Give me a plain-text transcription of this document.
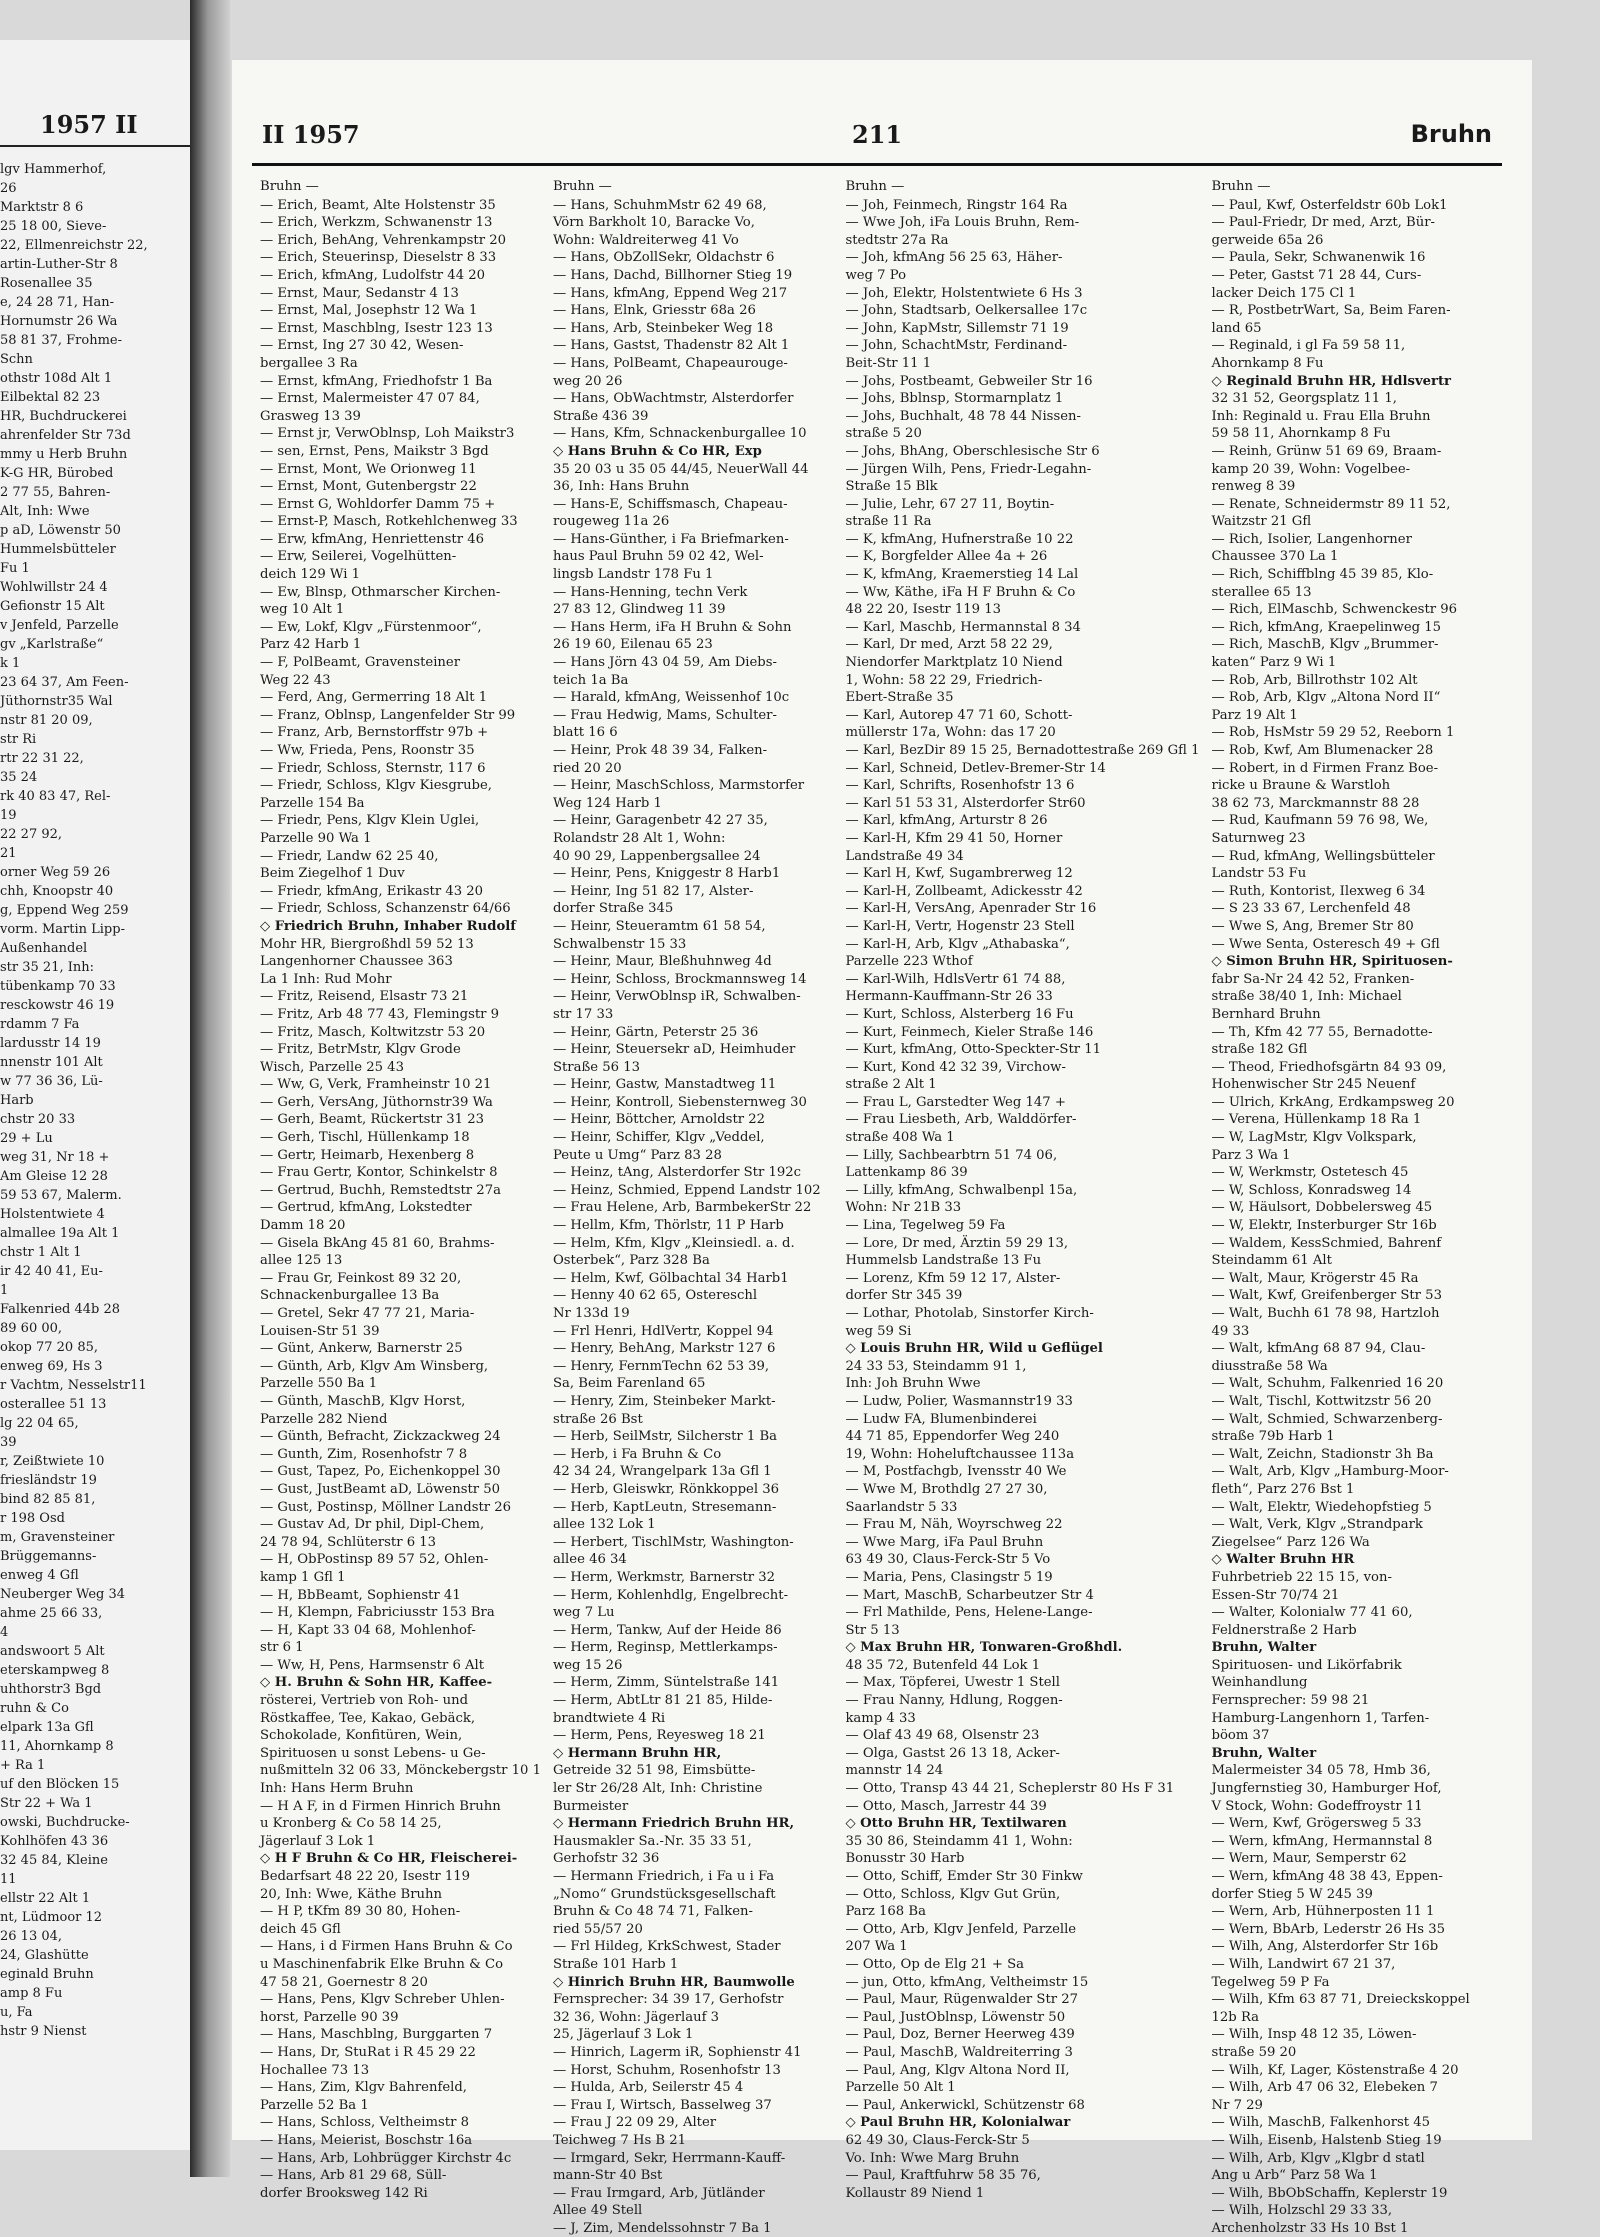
1957 II
lgv Hammerhof,
26
Marktstr 8 6
25 18 00, Sieve-
22, Ellmenreichstr 22,
artin-Luther-Str 8
Rosenallee 35
e, 24 28 71, Han-
Hornumstr 26 Wa
58 81 37, Frohme-
Schn
othstr 108d Alt 1
Eilbektal 82 23
HR, Buchdruckerei
ahrenfelder Str 73d
mmy u Herb Bruhn
K-G HR, Bürobed
2 77 55, Bahren-
Alt, Inh: Wwe
p aD, Löwenstr 50
Hummelsbütteler
Fu 1
Wohlwillstr 24 4
Gefionstr 15 Alt
v Jenfeld, Parzelle
gv „Karlstraße“
k 1
23 64 37, Am Feen-
Jüthornstr35 Wal
nstr 81 20 09,
str Ri
rtr 22 31 22,
35 24
rk 40 83 47, Rel-
19
22 27 92,
21
orner Weg 59 26
chh, Knoopstr 40
g, Eppend Weg 259
vorm. Martin Lipp-
Außenhandel
str 35 21, Inh:
tübenkamp 70 33
resckowstr 46 19
rdamm 7 Fa
lardusstr 14 19
nnenstr 101 Alt
w 77 36 36, Lü-
Harb
chstr 20 33
29 + Lu
weg 31, Nr 18 +
Am Gleise 12 28
59 53 67, Malerm.
Holstentwiete 4
almallee 19a Alt 1
chstr 1 Alt 1
ir 42 40 41, Eu-
1
Falkenried 44b 28
89 60 00,
okop 77 20 85,
enweg 69, Hs 3
r Vachtm, Nesselstr11
osterallee 51 13
lg 22 04 65,
39
r, Zeißtwiete 10
friesländstr 19
bind 82 85 81,
r 198 Osd
m, Gravensteiner
Brüggemanns-
enweg 4 Gfl
Neuberger Weg 34
ahme 25 66 33,
4
andswoort 5 Alt
eterskampweg 8
uhthorstr3 Bgd
ruhn & Co
elpark 13a Gfl
11, Ahornkamp 8
+ Ra 1
uf den Blöcken 15
Str 22 + Wa 1
owski, Buchdrucke-
Kohlhöfen 43 36
32 45 84, Kleine
11
ellstr 22 Alt 1
nt, Lüdmoor 12
26 13 04,
24, Glashütte
eginald Bruhn
amp 8 Fu
u, Fa
hstr 9 Nienst
II 1957	211	Bruhn
Bruhn —
— Erich, Beamt, Alte Holstenstr 35
— Erich, Werkzm, Schwanenstr 13
— Erich, BehAng, Vehrenkampstr 20
— Erich, Steuerinsp, Dieselstr 8 33
— Erich, kfmAng, Ludolfstr 44 20
— Ernst, Maur, Sedanstr 4 13
— Ernst, Mal, Josephstr 12 Wa 1
— Ernst, Maschblng, Isestr 123 13
— Ernst, Ing 27 30 42, Wesen-
bergallee 3 Ra
— Ernst, kfmAng, Friedhofstr 1 Ba
— Ernst, Malermeister 47 07 84,
Grasweg 13 39
— Ernst jr, VerwOblnsp, Loh Maikstr3
— sen, Ernst, Pens, Maikstr 3 Bgd
— Ernst, Mont, We Orionweg 11
— Ernst, Mont, Gutenbergstr 22
— Ernst G, Wohldorfer Damm 75 +
— Ernst-P, Masch, Rotkehlchenweg 33
— Erw, kfmAng, Henriettenstr 46
— Erw, Seilerei, Vogelhütten-
deich 129 Wi 1
— Ew, Blnsp, Othmarscher Kirchen-
weg 10 Alt 1
— Ew, Lokf, Klgv „Fürstenmoor“,
Parz 42 Harb 1
— F, PolBeamt, Gravensteiner
Weg 22 43
— Ferd, Ang, Germerring 18 Alt 1
— Franz, Oblnsp, Langenfelder Str 99
— Franz, Arb, Bernstorffstr 97b +
— Ww, Frieda, Pens, Roonstr 35
— Friedr, Schloss, Sternstr, 117 6
— Friedr, Schloss, Klgv Kiesgrube,
Parzelle 154 Ba
— Friedr, Pens, Klgv Klein Uglei,
Parzelle 90 Wa 1
— Friedr, Landw 62 25 40,
Beim Ziegelhof 1 Duv
— Friedr, kfmAng, Erikastr 43 20
— Friedr, Schloss, Schanzenstr 64/66
◇ Friedrich Bruhn, Inhaber Rudolf
Mohr HR, Biergroßhdl 59 52 13
Langenhorner Chaussee 363
La 1 Inh: Rud Mohr
— Fritz, Reisend, Elsastr 73 21
— Fritz, Arb 48 77 43, Flemingstr 9
— Fritz, Masch, Koltwitzstr 53 20
— Fritz, BetrMstr, Klgv Grode
Wisch, Parzelle 25 43
— Ww, G, Verk, Framheinstr 10 21
— Gerh, VersAng, Jüthornstr39 Wa
— Gerh, Beamt, Rückertstr 31 23
— Gerh, Tischl, Hüllenkamp 18
— Gertr, Heimarb, Hexenberg 8
— Frau Gertr, Kontor, Schinkelstr 8
— Gertrud, Buchh, Remstedtstr 27a
— Gertrud, kfmAng, Lokstedter
Damm 18 20
— Gisela BkAng 45 81 60, Brahms-
allee 125 13
— Frau Gr, Feinkost 89 32 20,
Schnackenburgallee 13 Ba
— Gretel, Sekr 47 77 21, Maria-
Louisen-Str 51 39
— Günt, Ankerw, Barnerstr 25
— Günth, Arb, Klgv Am Winsberg,
Parzelle 550 Ba 1
— Günth, MaschB, Klgv Horst,
Parzelle 282 Niend
— Günth, Befracht, Zickzackweg 24
— Gunth, Zim, Rosenhofstr 7 8
— Gust, Tapez, Po, Eichenkoppel 30
— Gust, JustBeamt aD, Löwenstr 50
— Gust, Postinsp, Möllner Landstr 26
— Gustav Ad, Dr phil, Dipl-Chem,
24 78 94, Schlüterstr 6 13
— H, ObPostinsp 89 57 52, Ohlen-
kamp 1 Gfl 1
— H, BbBeamt, Sophienstr 41
— H, Klempn, Fabriciusstr 153 Bra
— H, Kapt 33 04 68, Mohlenhof-
str 6 1
— Ww, H, Pens, Harmsenstr 6 Alt
◇ H. Bruhn & Sohn HR, Kaffee-
rösterei, Vertrieb von Roh- und
Röstkaffee, Tee, Kakao, Gebäck,
Schokolade, Konfitüren, Wein,
Spirituosen u sonst Lebens- u Ge-
nußmitteln 32 06 33, Mönckebergstr 10 1
Inh: Hans Herm Bruhn
— H A F, in d Firmen Hinrich Bruhn
u Kronberg & Co 58 14 25,
Jägerlauf 3 Lok 1
◇ H F Bruhn & Co HR, Fleischerei-
Bedarfsart 48 22 20, Isestr 119
20, Inh: Wwe, Käthe Bruhn
— H P, tKfm 89 30 80, Hohen-
deich 45 Gfl
— Hans, i d Firmen Hans Bruhn & Co
u Maschinenfabrik Elke Bruhn & Co
47 58 21, Goernestr 8 20
— Hans, Pens, Klgv Schreber Uhlen-
horst, Parzelle 90 39
— Hans, Maschblng, Burggarten 7
— Hans, Dr, StuRat i R 45 29 22
Hochallee 73 13
— Hans, Zim, Klgv Bahrenfeld,
Parzelle 52 Ba 1
— Hans, Schloss, Veltheimstr 8
— Hans, Meierist, Boschstr 16a
— Hans, Arb, Lohbrügger Kirchstr 4c
— Hans, Arb 81 29 68, Süll-
dorfer Brooksweg 142 Ri
Bruhn —
— Hans, SchuhmMstr 62 49 68,
Vörn Barkholt 10, Baracke Vo,
Wohn: Waldreiterweg 41 Vo
— Hans, ObZollSekr, Oldachstr 6
— Hans, Dachd, Billhorner Stieg 19
— Hans, kfmAng, Eppend Weg 217
— Hans, Elnk, Griesstr 68a 26
— Hans, Arb, Steinbeker Weg 18
— Hans, Gastst, Thadenstr 82 Alt 1
— Hans, PolBeamt, Chapeaurouge-
weg 20 26
— Hans, ObWachtmstr, Alsterdorfer
Straße 436 39
— Hans, Kfm, Schnackenburgallee 10
◇ Hans Bruhn & Co HR, Exp
35 20 03 u 35 05 44/45, NeuerWall 44
36, Inh: Hans Bruhn
— Hans-E, Schiffsmasch, Chapeau-
rougeweg 11a 26
— Hans-Günther, i Fa Briefmarken-
haus Paul Bruhn 59 02 42, Wel-
lingsb Landstr 178 Fu 1
— Hans-Henning, techn Verk
27 83 12, Glindweg 11 39
— Hans Herm, iFa H Bruhn & Sohn
26 19 60, Eilenau 65 23
— Hans Jörn 43 04 59, Am Diebs-
teich 1a Ba
— Harald, kfmAng, Weissenhof 10c
— Frau Hedwig, Mams, Schulter-
blatt 16 6
— Heinr, Prok 48 39 34, Falken-
ried 20 20
— Heinr, MaschSchloss, Marmstorfer
Weg 124 Harb 1
— Heinr, Garagenbetr 42 27 35,
Rolandstr 28 Alt 1, Wohn:
40 90 29, Lappenbergsallee 24
— Heinr, Pens, Kniggestr 8 Harb1
— Heinr, Ing 51 82 17, Alster-
dorfer Straße 345
— Heinr, Steueramtm 61 58 54,
Schwalbenstr 15 33
— Heinr, Maur, Bleßhuhnweg 4d
— Heinr, Schloss, Brockmannsweg 14
— Heinr, VerwOblnsp iR, Schwalben-
str 17 33
— Heinr, Gärtn, Peterstr 25 36
— Heinr, Steuersekr aD, Heimhuder
Straße 56 13
— Heinr, Gastw, Manstadtweg 11
— Heinr, Kontroll, Siebensternweg 30
— Heinr, Böttcher, Arnoldstr 22
— Heinr, Schiffer, Klgv „Veddel,
Peute u Umg“ Parz 83 28
— Heinz, tAng, Alsterdorfer Str 192c
— Heinz, Schmied, Eppend Landstr 102
— Frau Helene, Arb, BarmbekerStr 22
— Hellm, Kfm, Thörlstr, 11 P Harb
— Helm, Kfm, Klgv „Kleinsiedl. a. d.
Osterbek“, Parz 328 Ba
— Helm, Kwf, Gölbachtal 34 Harb1
— Henny 40 62 65, Ostereschl
Nr 133d 19
— Frl Henri, HdlVertr, Koppel 94
— Henry, BehAng, Markstr 127 6
— Henry, FernmTechn 62 53 39,
Sa, Beim Farenland 65
— Henry, Zim, Steinbeker Markt-
straße 26 Bst
— Herb, SeilMstr, Silcherstr 1 Ba
— Herb, i Fa Bruhn & Co
42 34 24, Wrangelpark 13a Gfl 1
— Herb, Gleiswkr, Rönkkoppel 36
— Herb, KaptLeutn, Stresemann-
allee 132 Lok 1
— Herbert, TischlMstr, Washington-
allee 46 34
— Herm, Werkmstr, Barnerstr 32
— Herm, Kohlenhdlg, Engelbrecht-
weg 7 Lu
— Herm, Tankw, Auf der Heide 86
— Herm, Reginsp, Mettlerkamps-
weg 15 26
— Herm, Zimm, Süntelstraße 141
— Herm, AbtLtr 81 21 85, Hilde-
brandtwiete 4 Ri
— Herm, Pens, Reyesweg 18 21
◇ Hermann Bruhn HR,
Getreide 32 51 98, Eimsbütte-
ler Str 26/28 Alt, Inh: Christine
Burmeister
◇ Hermann Friedrich Bruhn HR,
Hausmakler Sa.-Nr. 35 33 51,
Gerhofstr 32 36
— Hermann Friedrich, i Fa u i Fa
„Nomo“ Grundstücksgesellschaft
Bruhn & Co 48 74 71, Falken-
ried 55/57 20
— Frl Hildeg, KrkSchwest, Stader
Straße 101 Harb 1
◇ Hinrich Bruhn HR, Baumwolle
Fernsprecher: 34 39 17, Gerhofstr
32 36, Wohn: Jägerlauf 3
25, Jägerlauf 3 Lok 1
— Hinrich, Lagerm iR, Sophienstr 41
— Horst, Schuhm, Rosenhofstr 13
— Hulda, Arb, Seilerstr 45 4
— Frau I, Wirtsch, Basselweg 37
— Frau J 22 09 29, Alter
Teichweg 7 Hs B 21
— Irmgard, Sekr, Herrmann-Kauff-
mann-Str 40 Bst
— Frau Irmgard, Arb, Jütländer
Allee 49 Stell
— J, Zim, Mendelssohnstr 7 Ba 1
Bruhn —
— Joh, Feinmech, Ringstr 164 Ra
— Wwe Joh, iFa Louis Bruhn, Rem-
stedtstr 27a Ra
— Joh, kfmAng 56 25 63, Häher-
weg 7 Po
— Joh, Elektr, Holstentwiete 6 Hs 3
— John, Stadtsarb, Oelkersallee 17c
— John, KapMstr, Sillemstr 71 19
— John, SchachtMstr, Ferdinand-
Beit-Str 11 1
— Johs, Postbeamt, Gebweiler Str 16
— Johs, Bblnsp, Stormarnplatz 1
— Johs, Buchhalt, 48 78 44 Nissen-
straße 5 20
— Johs, BhAng, Oberschlesische Str 6
— Jürgen Wilh, Pens, Friedr-Legahn-
Straße 15 Blk
— Julie, Lehr, 67 27 11, Boytin-
straße 11 Ra
— K, kfmAng, Hufnerstraße 10 22
— K, Borgfelder Allee 4a + 26
— K, kfmAng, Kraemerstieg 14 Lal
— Ww, Käthe, iFa H F Bruhn & Co
48 22 20, Isestr 119 13
— Karl, Maschb, Hermannstal 8 34
— Karl, Dr med, Arzt 58 22 29,
Niendorfer Marktplatz 10 Niend
1, Wohn: 58 22 29, Friedrich-
Ebert-Straße 35
— Karl, Autorep 47 71 60, Schott-
müllerstr 17a, Wohn: das 17 20
— Karl, BezDir 89 15 25, Bernadottestraße 269 Gfl 1
— Karl, Schneid, Detlev-Bremer-Str 14
— Karl, Schrifts, Rosenhofstr 13 6
— Karl 51 53 31, Alsterdorfer Str60
— Karl, kfmAng, Arturstr 8 26
— Karl-H, Kfm 29 41 50, Horner
Landstraße 49 34
— Karl H, Kwf, Sugambrerweg 12
— Karl-H, Zollbeamt, Adickesstr 42
— Karl-H, VersAng, Apenrader Str 16
— Karl-H, Vertr, Hogenstr 23 Stell
— Karl-H, Arb, Klgv „Athabaska“,
Parzelle 223 Wthof
— Karl-Wilh, HdlsVertr 61 74 88,
Hermann-Kauffmann-Str 26 33
— Kurt, Schloss, Alsterberg 16 Fu
— Kurt, Feinmech, Kieler Straße 146
— Kurt, kfmAng, Otto-Speckter-Str 11
— Kurt, Kond 42 32 39, Virchow-
straße 2 Alt 1
— Frau L, Garstedter Weg 147 +
— Frau Liesbeth, Arb, Walddörfer-
straße 408 Wa 1
— Lilly, Sachbearbtrn 51 74 06,
Lattenkamp 86 39
— Lilly, kfmAng, Schwalbenpl 15a,
Wohn: Nr 21B 33
— Lina, Tegelweg 59 Fa
— Lore, Dr med, Ärztin 59 29 13,
Hummelsb Landstraße 13 Fu
— Lorenz, Kfm 59 12 17, Alster-
dorfer Str 345 39
— Lothar, Photolab, Sinstorfer Kirch-
weg 59 Si
◇ Louis Bruhn HR, Wild u Geflügel
24 33 53, Steindamm 91 1,
Inh: Joh Bruhn Wwe
— Ludw, Polier, Wasmannstr19 33
— Ludw FA, Blumenbinderei
44 71 85, Eppendorfer Weg 240
19, Wohn: Hoheluftchaussee 113a
— M, Postfachgb, Ivensstr 40 We
— Wwe M, Brothdlg 27 27 30,
Saarlandstr 5 33
— Frau M, Näh, Woyrschweg 22
— Wwe Marg, iFa Paul Bruhn
63 49 30, Claus-Ferck-Str 5 Vo
— Maria, Pens, Clasingstr 5 19
— Mart, MaschB, Scharbeutzer Str 4
— Frl Mathilde, Pens, Helene-Lange-
Str 5 13
◇ Max Bruhn HR, Tonwaren-Großhdl.
48 35 72, Butenfeld 44 Lok 1
— Max, Töpferei, Uwestr 1 Stell
— Frau Nanny, Hdlung, Roggen-
kamp 4 33
— Olaf 43 49 68, Olsenstr 23
— Olga, Gastst 26 13 18, Acker-
mannstr 14 24
— Otto, Transp 43 44 21, Scheplerstr 80 Hs F 31
— Otto, Masch, Jarrestr 44 39
◇ Otto Bruhn HR, Textilwaren
35 30 86, Steindamm 41 1, Wohn:
Bonusstr 30 Harb
— Otto, Schiff, Emder Str 30 Finkw
— Otto, Schloss, Klgv Gut Grün,
Parz 168 Ba
— Otto, Arb, Klgv Jenfeld, Parzelle
207 Wa 1
— Otto, Op de Elg 21 + Sa
— jun, Otto, kfmAng, Veltheimstr 15
— Paul, Maur, Rügenwalder Str 27
— Paul, JustOblnsp, Löwenstr 50
— Paul, Doz, Berner Heerweg 439
— Paul, MaschB, Waldreiterring 3
— Paul, Ang, Klgv Altona Nord II,
Parzelle 50 Alt 1
— Paul, Ankerwickl, Schützenstr 68
◇ Paul Bruhn HR, Kolonialwar
62 49 30, Claus-Ferck-Str 5
Vo. Inh: Wwe Marg Bruhn
— Paul, Kraftfuhrw 58 35 76,
Kollaustr 89 Niend 1
Bruhn —
— Paul, Kwf, Osterfeldstr 60b Lok1
— Paul-Friedr, Dr med, Arzt, Bür-
gerweide 65a 26
— Paula, Sekr, Schwanenwik 16
— Peter, Gastst 71 28 44, Curs-
lacker Deich 175 Cl 1
— R, PostbetrWart, Sa, Beim Faren-
land 65
— Reginald, i gl Fa 59 58 11,
Ahornkamp 8 Fu
◇ Reginald Bruhn HR, Hdlsvertr
32 31 52, Georgsplatz 11 1,
Inh: Reginald u. Frau Ella Bruhn
59 58 11, Ahornkamp 8 Fu
— Reinh, Grünw 51 69 69, Braam-
kamp 20 39, Wohn: Vogelbee-
renweg 8 39
— Renate, Schneidermstr 89 11 52,
Waitzstr 21 Gfl
— Rich, Isolier, Langenhorner
Chaussee 370 La 1
— Rich, Schiffblng 45 39 85, Klo-
sterallee 65 13
— Rich, ElMaschb, Schwenckestr 96
— Rich, kfmAng, Kraepelinweg 15
— Rich, MaschB, Klgv „Brummer-
katen“ Parz 9 Wi 1
— Rob, Arb, Billrothstr 102 Alt
— Rob, Arb, Klgv „Altona Nord II“
Parz 19 Alt 1
— Rob, HsMstr 59 29 52, Reeborn 1
— Rob, Kwf, Am Blumenacker 28
— Robert, in d Firmen Franz Boe-
ricke u Braune & Warstloh
38 62 73, Marckmannstr 88 28
— Rud, Kaufmann 59 76 98, We,
Saturnweg 23
— Rud, kfmAng, Wellingsbütteler
Landstr 53 Fu
— Ruth, Kontorist, Ilexweg 6 34
— S 23 33 67, Lerchenfeld 48
— Wwe S, Ang, Bremer Str 80
— Wwe Senta, Osteresch 49 + Gfl
◇ Simon Bruhn HR, Spirituosen-
fabr Sa-Nr 24 42 52, Franken-
straße 38/40 1, Inh: Michael
Bernhard Bruhn
— Th, Kfm 42 77 55, Bernadotte-
straße 182 Gfl
— Theod, Friedhofsgärtn 84 93 09,
Hohenwischer Str 245 Neuenf
— Ulrich, KrkAng, Erdkampsweg 20
— Verena, Hüllenkamp 18 Ra 1
— W, LagMstr, Klgv Volkspark,
Parz 3 Wa 1
— W, Werkmstr, Ostetesch 45
— W, Schloss, Konradsweg 14
— W, Häulsort, Dobbelersweg 45
— W, Elektr, Insterburger Str 16b
— Waldem, KessSchmied, Bahrenf
Steindamm 61 Alt
— Walt, Maur, Krögerstr 45 Ra
— Walt, Kwf, Greifenberger Str 53
— Walt, Buchh 61 78 98, Hartzloh
49 33
— Walt, kfmAng 68 87 94, Clau-
diusstraße 58 Wa
— Walt, Schuhm, Falkenried 16 20
— Walt, Tischl, Kottwitzstr 56 20
— Walt, Schmied, Schwarzenberg-
straße 79b Harb 1
— Walt, Zeichn, Stadionstr 3h Ba
— Walt, Arb, Klgv „Hamburg-Moor-
fleth“, Parz 276 Bst 1
— Walt, Elektr, Wiedehopfstieg 5
— Walt, Verk, Klgv „Strandpark
Ziegelsee“ Parz 126 Wa
◇ Walter Bruhn HR
Fuhrbetrieb 22 15 15, von-
Essen-Str 70/74 21
— Walter, Kolonialw 77 41 60,
Feldnerstraße 2 Harb
Bruhn, Walter
Spirituosen- und Likörfabrik
Weinhandlung
Fernsprecher: 59 98 21
Hamburg-Langenhorn 1, Tarfen-
böom 37
Bruhn, Walter
Malermeister 34 05 78, Hmb 36,
Jungfernstieg 30, Hamburger Hof,
V Stock, Wohn: Godeffroystr 11
— Wern, Kwf, Grögersweg 5 33
— Wern, kfmAng, Hermannstal 8
— Wern, Maur, Semperstr 62
— Wern, kfmAng 48 38 43, Eppen-
dorfer Stieg 5 W 245 39
— Wern, Arb, Hühnerposten 11 1
— Wern, BbArb, Lederstr 26 Hs 35
— Wilh, Ang, Alsterdorfer Str 16b
— Wilh, Landwirt 67 21 37,
Tegelweg 59 P Fa
— Wilh, Kfm 63 87 71, Dreieckskoppel
12b Ra
— Wilh, Insp 48 12 35, Löwen-
straße 59 20
— Wilh, Kf, Lager, Köstenstraße 4 20
— Wilh, Arb 47 06 32, Elebeken 7
Nr 7 29
— Wilh, MaschB, Falkenhorst 45
— Wilh, Eisenb, Halstenb Stieg 19
— Wilh, Arb, Klgv „Klgbr d statl
Ang u Arb“ Parz 58 Wa 1
— Wilh, BbObSchaffn, Keplerstr 19
— Wilh, Holzschl 29 33 33,
Archenholzstr 33 Hs 10 Bst 1
